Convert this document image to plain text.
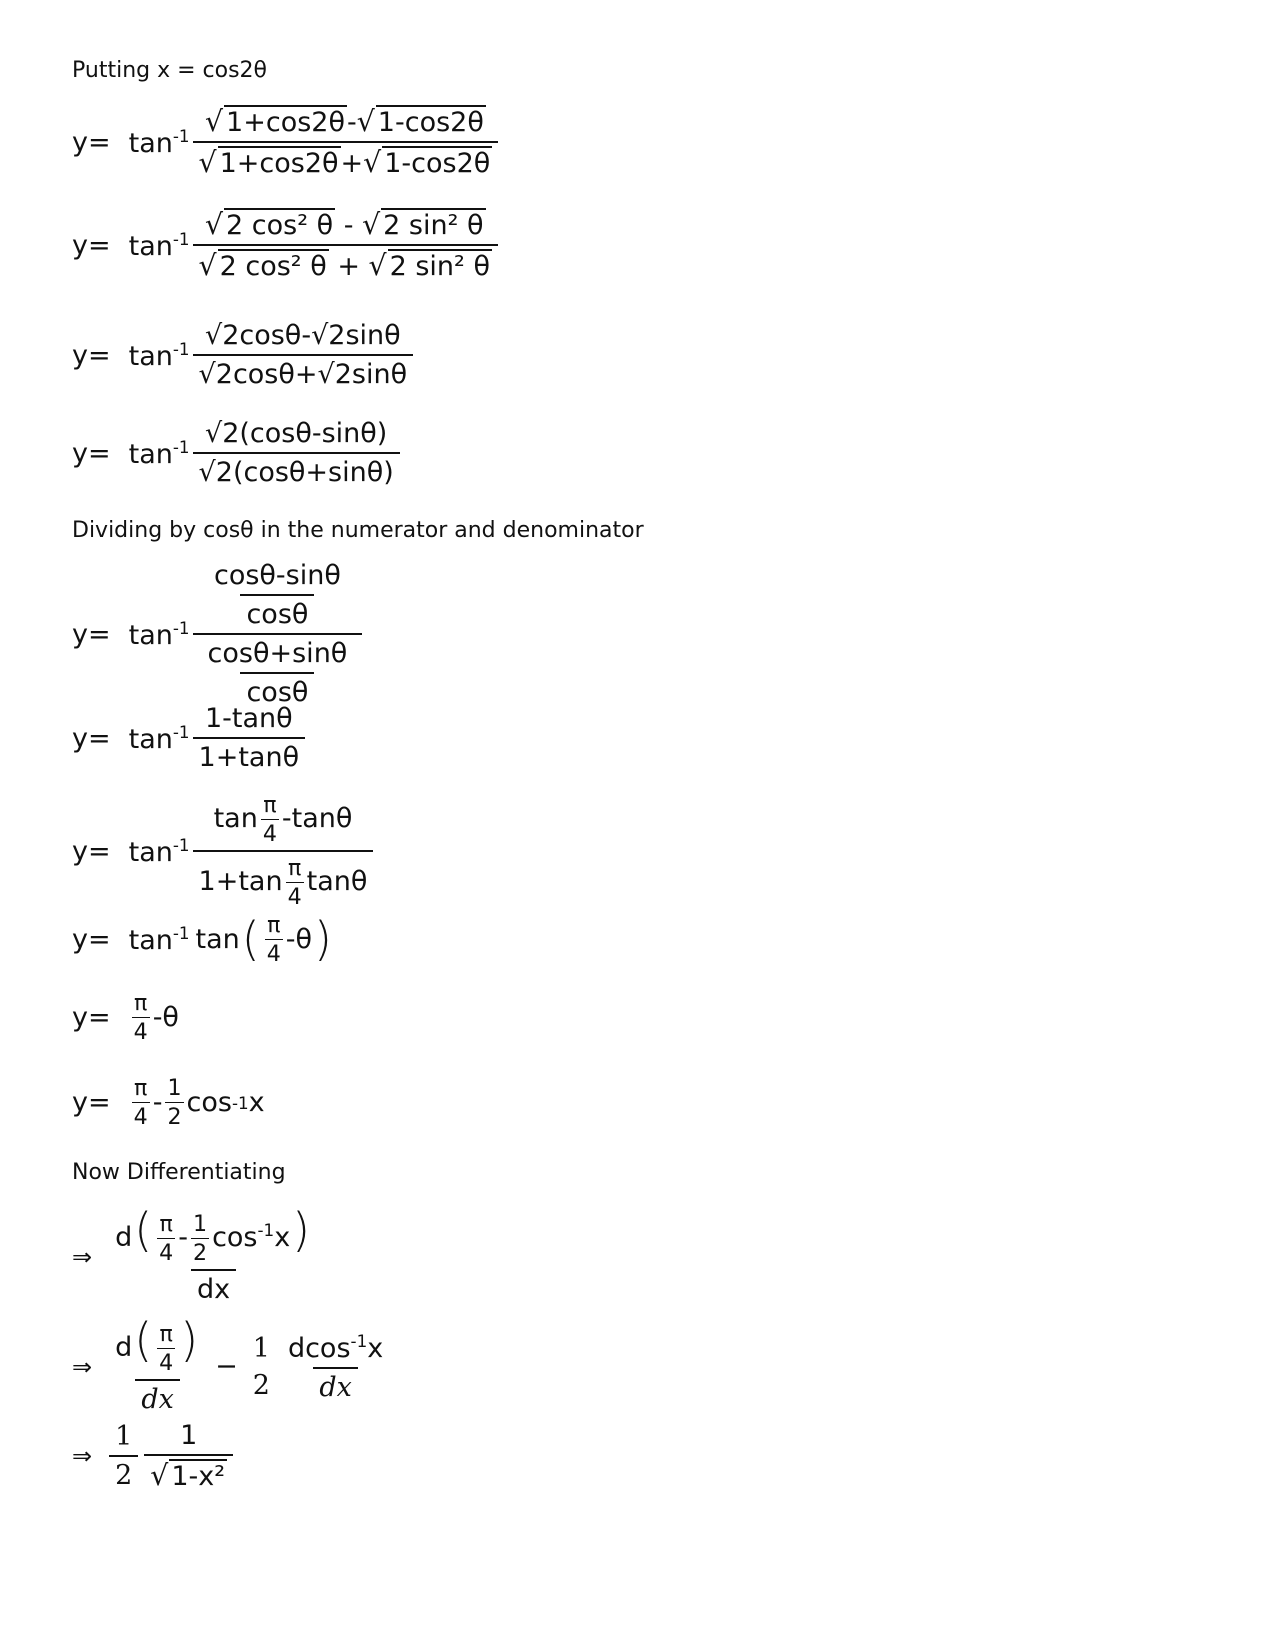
Putting x = cos2θ
$y= \tan^{-1} \frac{√ 1+\cos 2\theta - √ 1-\cos 2\theta}{√ 1+\cos 2\theta + √ 1-\cos 2\theta}$
$y= \tan^{-1} \frac{\text{√ 2 cos² θ - √ 2 sin² θ}}{\text{√ 2 cos² θ + √ 2 sin² θ}}$
$y= \tan^{-1} \frac{√2\cos\theta-√2\sin\theta}{√2\cos\theta+√2\sin\theta}$
$y= \tan^{-1} \frac{√2(\cos\theta-\sin\theta)}{√2(\cos\theta+\sin\theta)}$
Dividing by cosθ in the numerator and denominator
$y= \tan^{-1} \frac{\frac{\cos\theta-\sin\theta}{\cos\theta}}{\frac{\cos\theta+\sin\theta}{\cos\theta}}$
$y= \tan^{-1} \frac{1-\tan\theta}{1+\tan\theta}$
$y= \tan^{-1} \frac{\tan \frac{\pi}{4} -\tan\theta}{1+\tan \frac{\pi}{4} \tan\theta}$
$y= \tan^{-1} \tan$ ( $\frac{\pi}{4} -\theta$ )
$y= \frac{\pi}{4} -\theta$
$y= \frac{\pi}{4} - \frac{1}{2}$ cos -1 x
Now Differentiating
⇒ $\frac{d( \frac{\pi}{4} - \frac{1}{2} \cos^{-1}x)}{dx}$
⇒ $\frac{d( \frac{\pi}{4} )}{dx}$ −
1
$2 \frac{dcos^{-1}x}{dx}$
⇒ $\frac{1}{2} \frac{1}{\text{√ 1-x²}}$
